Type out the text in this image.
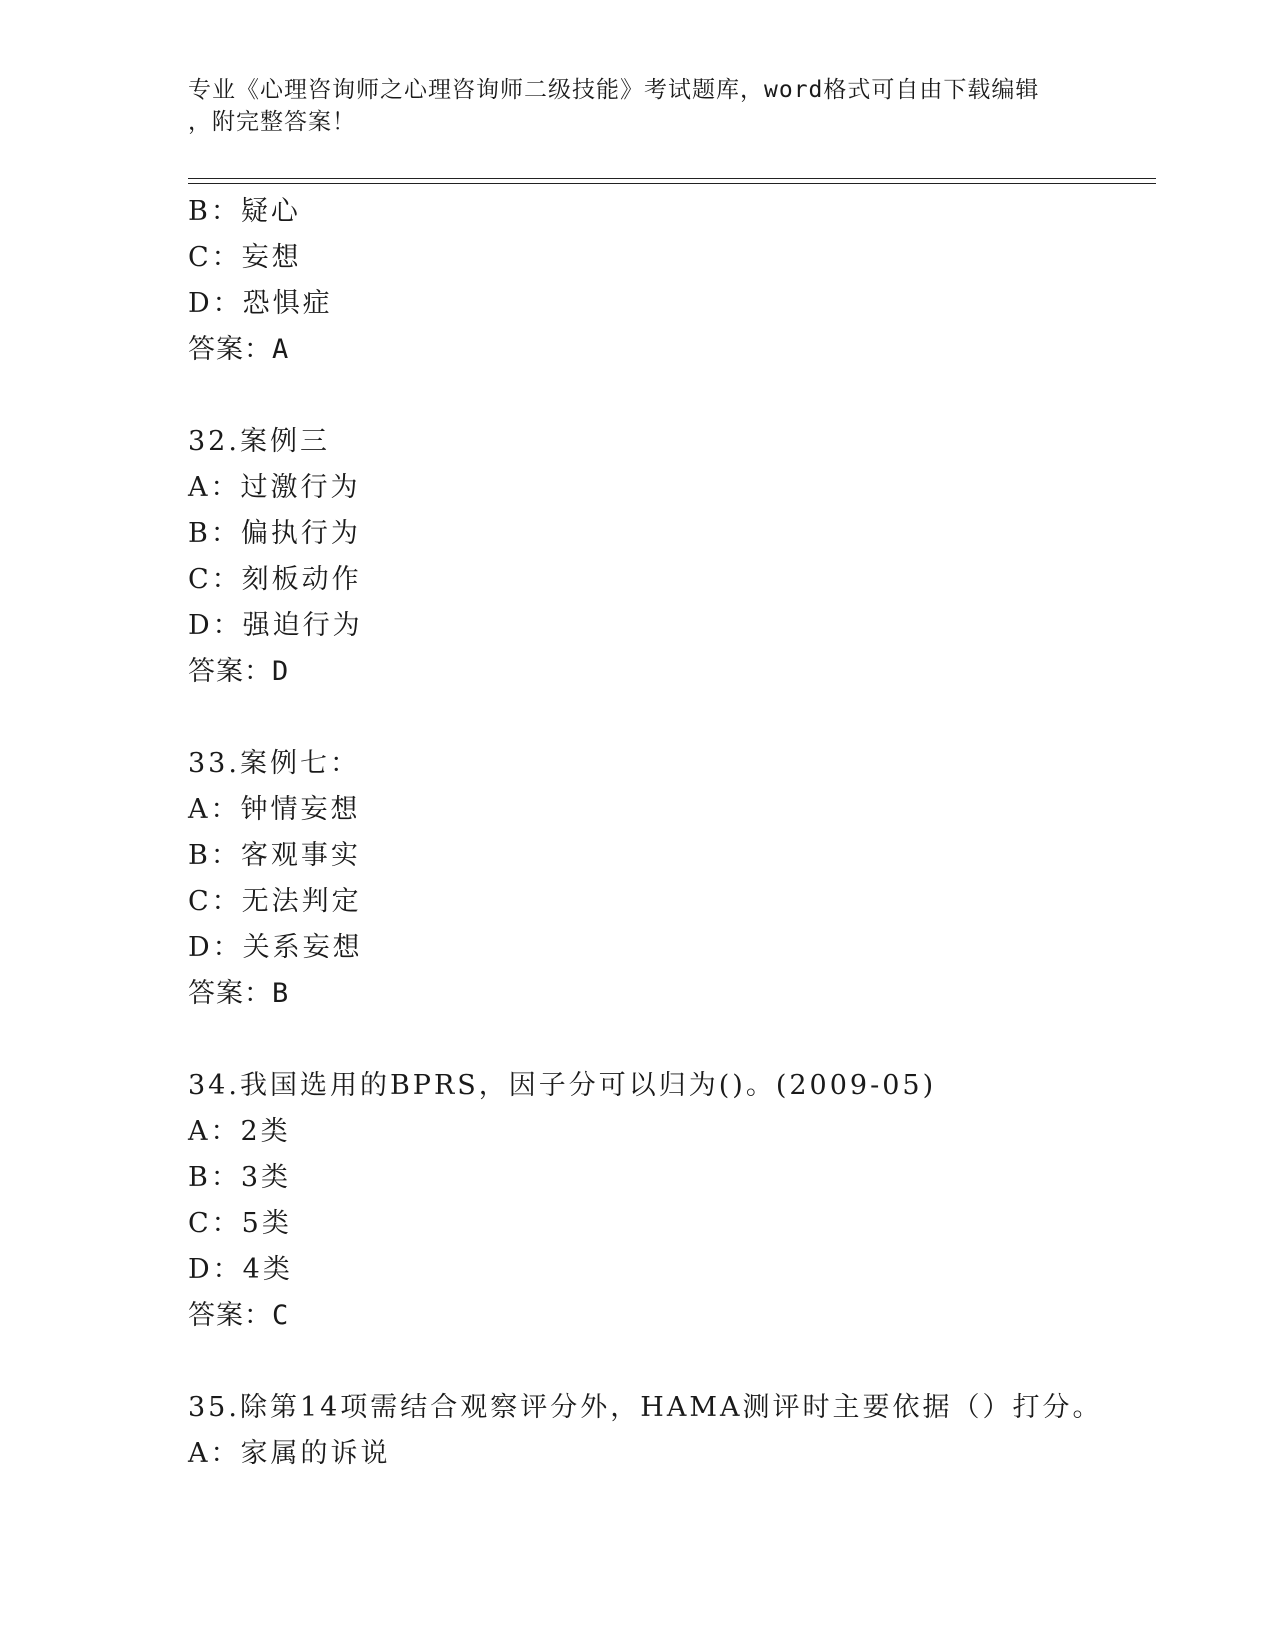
专业《心理咨询师之心理咨询师二级技能》考试题库，word格式可自由下载编辑
，附完整答案！
B：疑心
C：妄想
D：恐惧症
答案：A
32.案例三
A：过激行为
B：偏执行为
C：刻板动作
D：强迫行为
答案：D
33.案例七：
A：钟情妄想
B：客观事实
C：无法判定
D：关系妄想
答案：B
34.我国选用的BPRS，因子分可以归为()。(2009-05)
A：2类
B：3类
C：5类
D：4类
答案：C
35.除第14项需结合观察评分外，HAMA测评时主要依据（）打分。
A：家属的诉说
